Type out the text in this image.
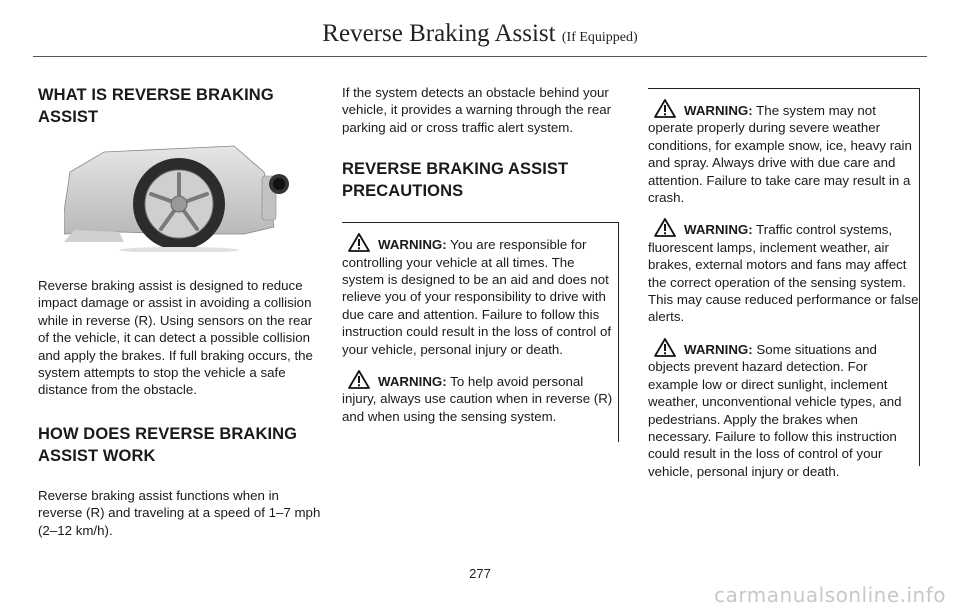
Reverse Braking Assist (If Equipped)
WHAT IS REVERSE BRAKING ASSIST

Reverse braking assist is designed to reduce impact damage or assist in avoiding a collision while in reverse (R). Using sensors on the rear of the vehicle, it can detect a possible collision and apply the brakes. If full braking occurs, the system attempts to stop the vehicle a safe distance from the obstacle.

HOW DOES REVERSE BRAKING ASSIST WORK

Reverse braking assist functions when in reverse (R) and traveling at a speed of 1–7 mph (2–12 km/h).

If the system detects an obstacle behind your vehicle, it provides a warning through the rear parking aid or cross traffic alert system.

REVERSE BRAKING ASSIST PRECAUTIONS

WARNING: You are responsible for controlling your vehicle at all times. The system is designed to be an aid and does not relieve you of your responsibility to drive with due care and attention. Failure to follow this instruction could result in the loss of control of your vehicle, personal injury or death.

WARNING: To help avoid personal injury, always use caution when in reverse (R) and when using the sensing system.

WARNING: The system may not operate properly during severe weather conditions, for example snow, ice, heavy rain and spray. Always drive with due care and attention. Failure to take care may result in a crash.

WARNING: Traffic control systems, fluorescent lamps, inclement weather, air brakes, external motors and fans may affect the correct operation of the sensing system. This may cause reduced performance or false alerts.

WARNING: Some situations and objects prevent hazard detection. For example low or direct sunlight, inclement weather, unconventional vehicle types, and pedestrians. Apply the brakes when necessary. Failure to follow this instruction could result in the loss of control of your vehicle, personal injury or death.

277
carmanualsonline.info
